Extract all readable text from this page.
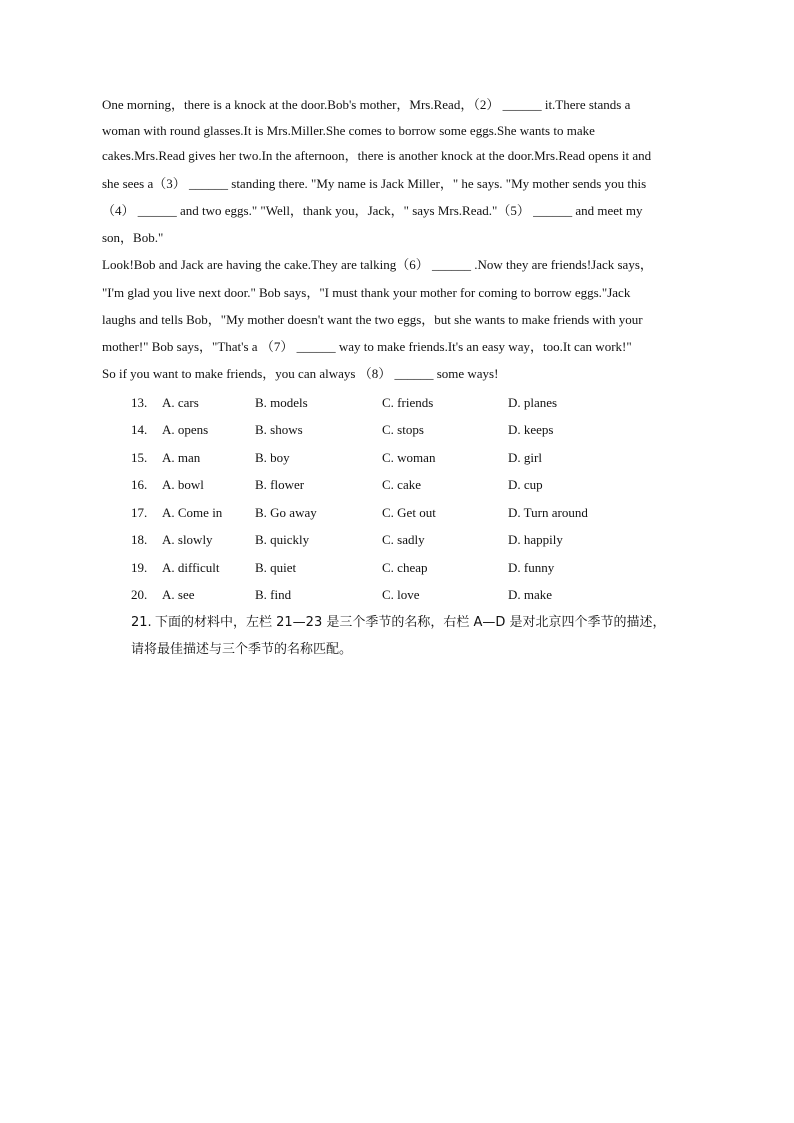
One morning，there is a knock at the door.Bob's mother，Mrs.Read，（2） ______ it.There stands a
woman with round glasses.It is Mrs.Miller.She comes to borrow some eggs.She wants to make
cakes.Mrs.Read gives her two.In the afternoon，there is another knock at the door.Mrs.Read opens it and
she sees a（3） ______ standing there. "My name is Jack Miller，" he says. "My mother sends you this
（4） ______ and two eggs." "Well，thank you，Jack，" says Mrs.Read."（5） ______ and meet my
son，Bob."
Look!Bob and Jack are having the cake.They are talking（6） ______ .Now they are friends!Jack says，
"I'm glad you live next door." Bob says，"I must thank your mother for coming to borrow eggs."Jack
laughs and tells Bob，"My mother doesn't want the two eggs，but she wants to make friends with your
mother!" Bob says，"That's a （7） ______ way to make friends.It's an easy way，too.It can work!"
So if you want to make friends，you can always （8） ______ some ways!
13. A. cars	B. models	C. friends	D. planes
14. A. opens	B. shows	C. stops	D. keeps
15. A. man	B. boy	C. woman	D. girl
16. A. bowl	B. flower	C. cake	D. cup
17. A. Come in	B. Go away	C. Get out	D. Turn around
18. A. slowly	B. quickly	C. sadly	D. happily
19. A. difficult	B. quiet	C. cheap	D. funny
20. A. see	B. find	C. love	D. make
21. 下面的材料中，左栏 21—23 是三个季节的名称，右栏 A—D 是对北京四个季节的描述，
请将最佳描述与三个季节的名称匹配。
